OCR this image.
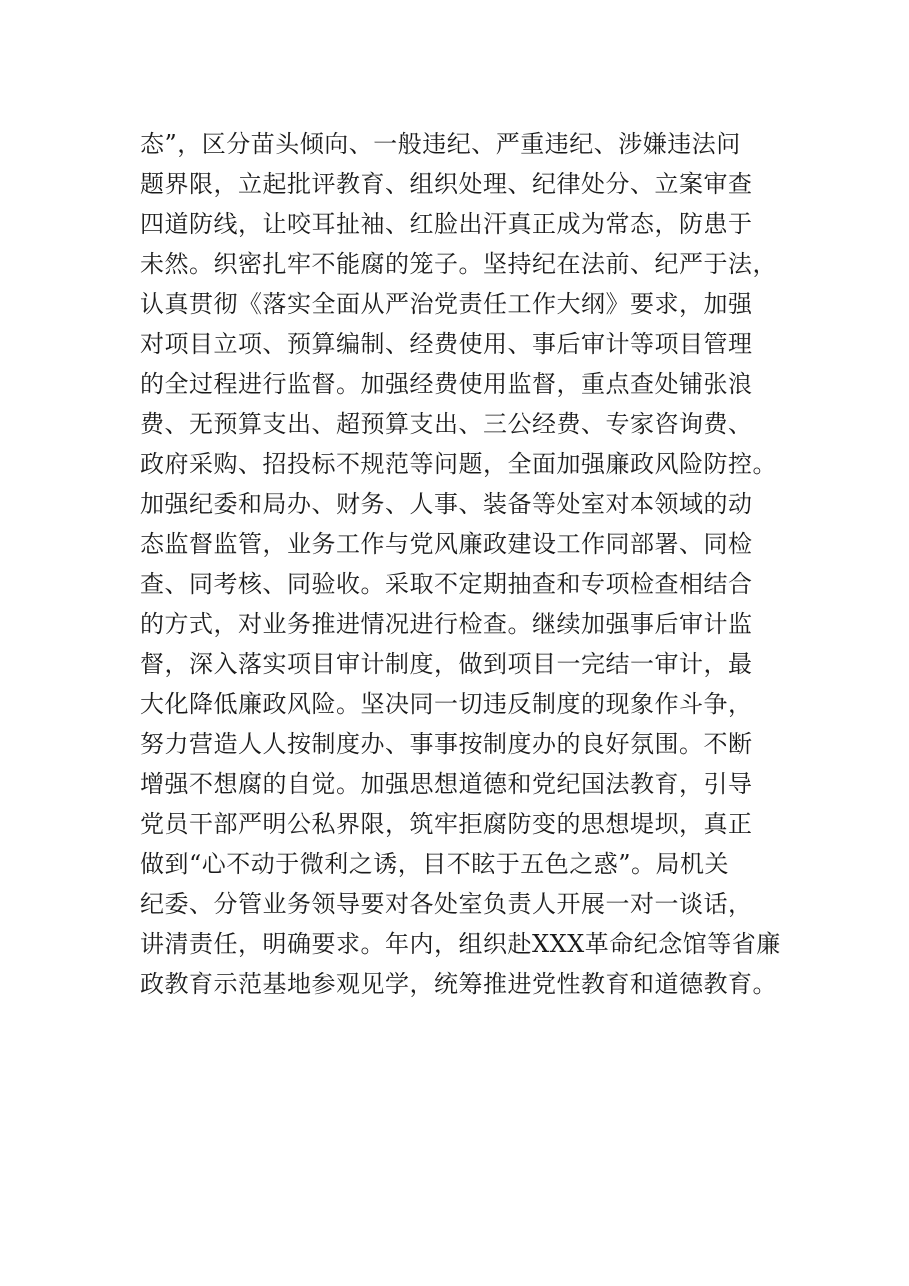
态”，区分苗头倾向、一般违纪、严重违纪、涉嫌违法问
题界限，立起批评教育、组织处理、纪律处分、立案审查
四道防线，让咬耳扯袖、红脸出汗真正成为常态，防患于
未然。织密扎牢不能腐的笼子。坚持纪在法前、纪严于法，
认真贯彻《落实全面从严治党责任工作大纲》要求，加强
对项目立项、预算编制、经费使用、事后审计等项目管理
的全过程进行监督。加强经费使用监督，重点查处铺张浪
费、无预算支出、超预算支出、三公经费、专家咨询费、
政府采购、招投标不规范等问题，全面加强廉政风险防控。
加强纪委和局办、财务、人事、装备等处室对本领域的动
态监督监管，业务工作与党风廉政建设工作同部署、同检
查、同考核、同验收。采取不定期抽查和专项检查相结合
的方式，对业务推进情况进行检查。继续加强事后审计监
督，深入落实项目审计制度，做到项目一完结一审计，最
大化降低廉政风险。坚决同一切违反制度的现象作斗争，
努力营造人人按制度办、事事按制度办的良好氛围。不断
增强不想腐的自觉。加强思想道德和党纪国法教育，引导
党员干部严明公私界限，筑牢拒腐防变的思想堤坝，真正
做到“心不动于微利之诱，目不眩于五色之惑”。局机关
纪委、分管业务领导要对各处室负责人开展一对一谈话，
讲清责任，明确要求。年内，组织赴XXX革命纪念馆等省廉
政教育示范基地参观见学，统筹推进党性教育和道德教育。
